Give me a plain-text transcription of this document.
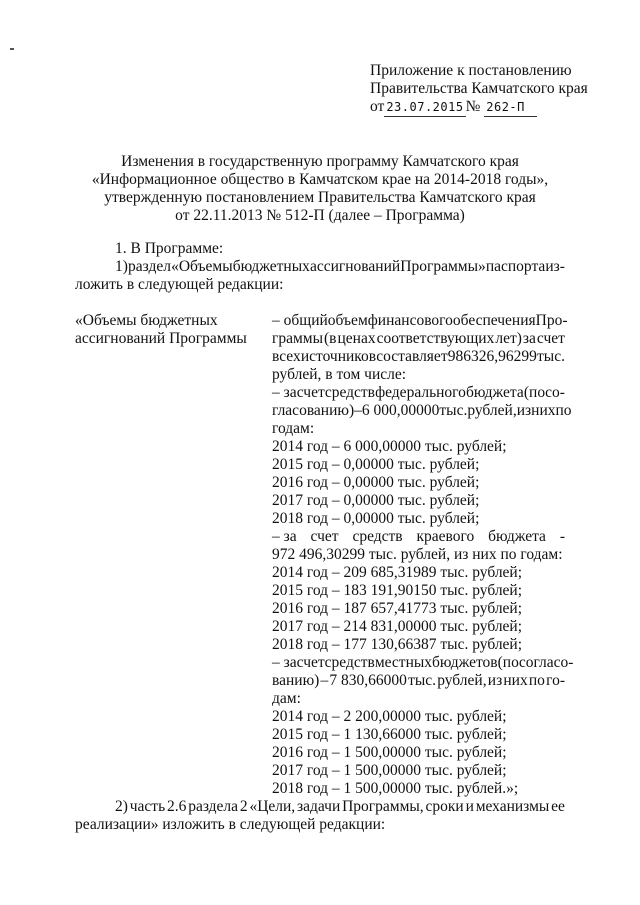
Приложение к постановлению
Правительства Камчатского края
от 23.07.2015 № 262-П
Изменения в государственную программу Камчатского края
«Информационное общество в Камчатском крае на 2014-2018 годы»,
утвержденную постановлением Правительства Камчатского края
от 22.11.2013 № 512-П (далее – Программа)
1. В Программе:
1) раздел «Объемы бюджетных ассигнований Программы» паспорта из-
ложить в следующей редакции:
«Объемы бюджетных
ассигнований Программы
– общий объем финансового обеспечения Про-
граммы (в ценах соответствующих лет) за счет
всех источников составляет 986 326,96299 тыс.
рублей, в том числе:
– за счет средств федерального бюджета (по со-
гласованию) – 6 000,00000 тыс. рублей, из них по
годам:
2014 год – 6 000,00000 тыс. рублей;
2015 год – 0,00000 тыс. рублей;
2016 год – 0,00000 тыс. рублей;
2017 год – 0,00000 тыс. рублей;
2018 год – 0,00000 тыс. рублей;
– за счет средств краевого бюджета -
972 496,30299 тыс. рублей, из них по годам:
2014 год – 209 685,31989 тыс. рублей;
2015 год – 183 191,90150 тыс. рублей;
2016 год – 187 657,41773 тыс. рублей;
2017 год – 214 831,00000 тыс. рублей;
2018 год – 177 130,66387 тыс. рублей;
– за счет средств местных бюджетов (по согласо-
ванию) – 7 830,66000 тыс. рублей, из них по го-
дам:
2014 год – 2 200,00000 тыс. рублей;
2015 год – 1 130,66000 тыс. рублей;
2016 год – 1 500,00000 тыс. рублей;
2017 год – 1 500,00000 тыс. рублей;
2018 год – 1 500,00000 тыс. рублей.»;
2) часть 2.6 раздела 2 «Цели, задачи Программы, сроки и механизмы ее
реализации» изложить в следующей редакции:
